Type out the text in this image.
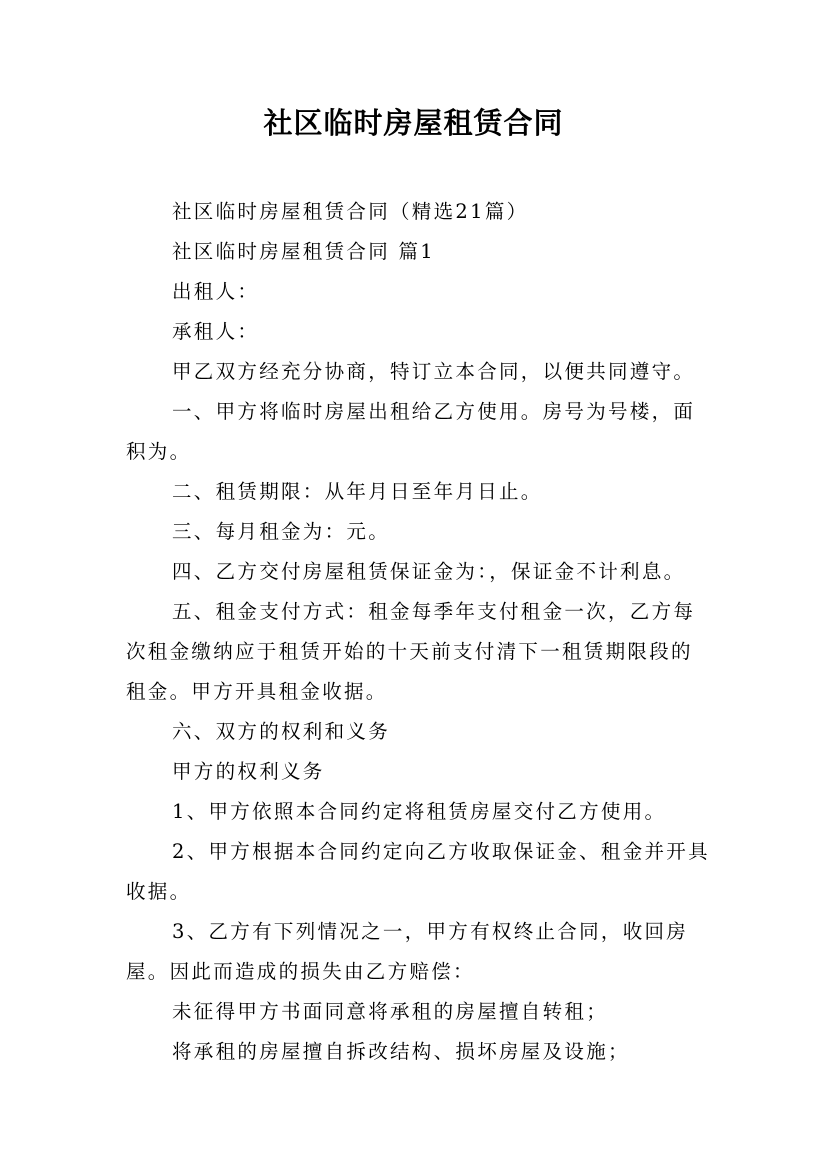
社区临时房屋租赁合同

社区临时房屋租赁合同（精选21篇）

社区临时房屋租赁合同 篇1

出租人：

承租人：

甲乙双方经充分协商，特订立本合同，以便共同遵守。

一、甲方将临时房屋出租给乙方使用。房号为号楼，面积为。

二、租赁期限：从年月日至年月日止。

三、每月租金为：元。

四、乙方交付房屋租赁保证金为：，保证金不计利息。

五、租金支付方式：租金每季年支付租金一次，乙方每次租金缴纳应于租赁开始的十天前支付清下一租赁期限段的租金。甲方开具租金收据。

六、双方的权利和义务

甲方的权利义务

1、甲方依照本合同约定将租赁房屋交付乙方使用。

2、甲方根据本合同约定向乙方收取保证金、租金并开具收据。

3、乙方有下列情况之一，甲方有权终止合同，收回房屋。因此而造成的损失由乙方赔偿：

未征得甲方书面同意将承租的房屋擅自转租；

将承租的房屋擅自拆改结构、损坏房屋及设施；
